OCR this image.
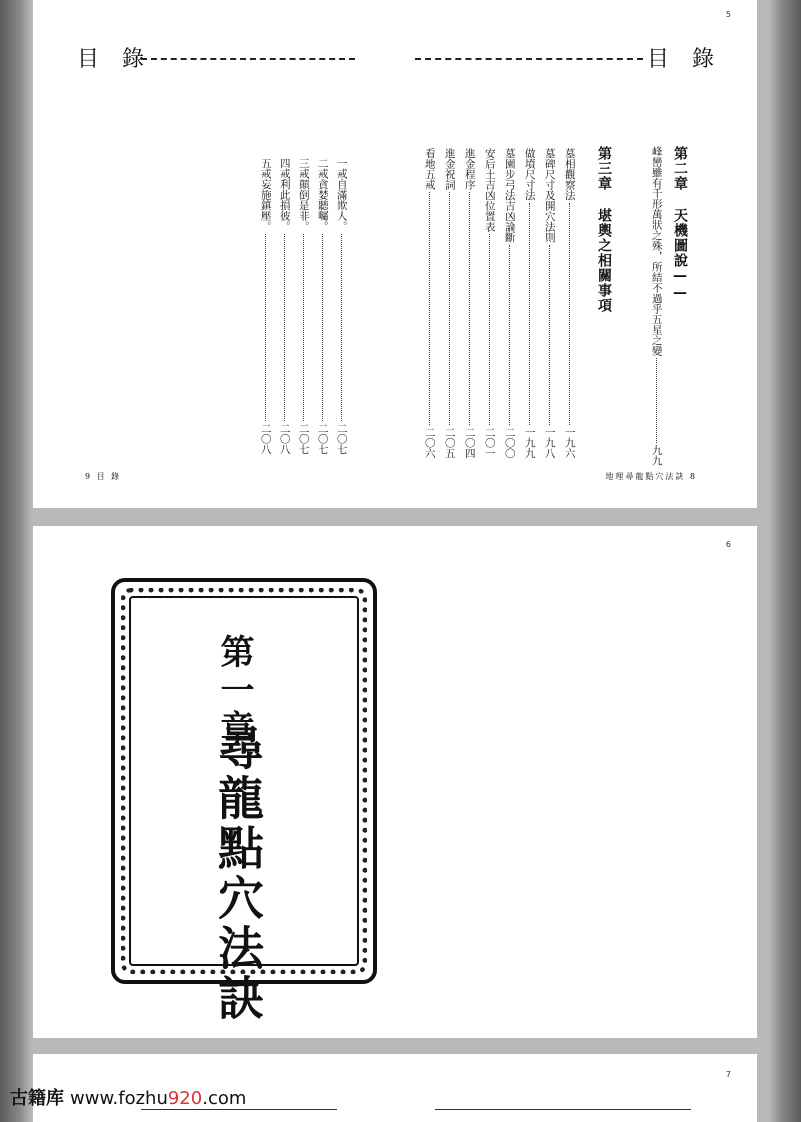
5
目 錄	目 錄
第二章 天機圖說——
峰巒雖有千形萬狀之殊，所結不過乎五星之變
九九
第三章 堪輿之相關事項
墓相觀察法
一九六
墓碑尺寸及開穴法則
一九八
做墳尺寸法
一九九
墓園步弓法吉凶論斷
二〇〇
安后土吉凶位置表
二〇一
進金程序
二〇四
進金祝詞
二〇五
看地五戒
二〇六
一戒自滿欺人。
二〇七
二戒貪婪聽囑。
二〇七
三戒顛倒是非。
二〇七
四戒利此損彼。
二〇八
五戒妄施鎮壓。
二〇八
9 目 錄	地理尋龍點穴法訣 8
6
第一章
尋龍點穴法訣
7
古籍库 www.fozhu920.com
